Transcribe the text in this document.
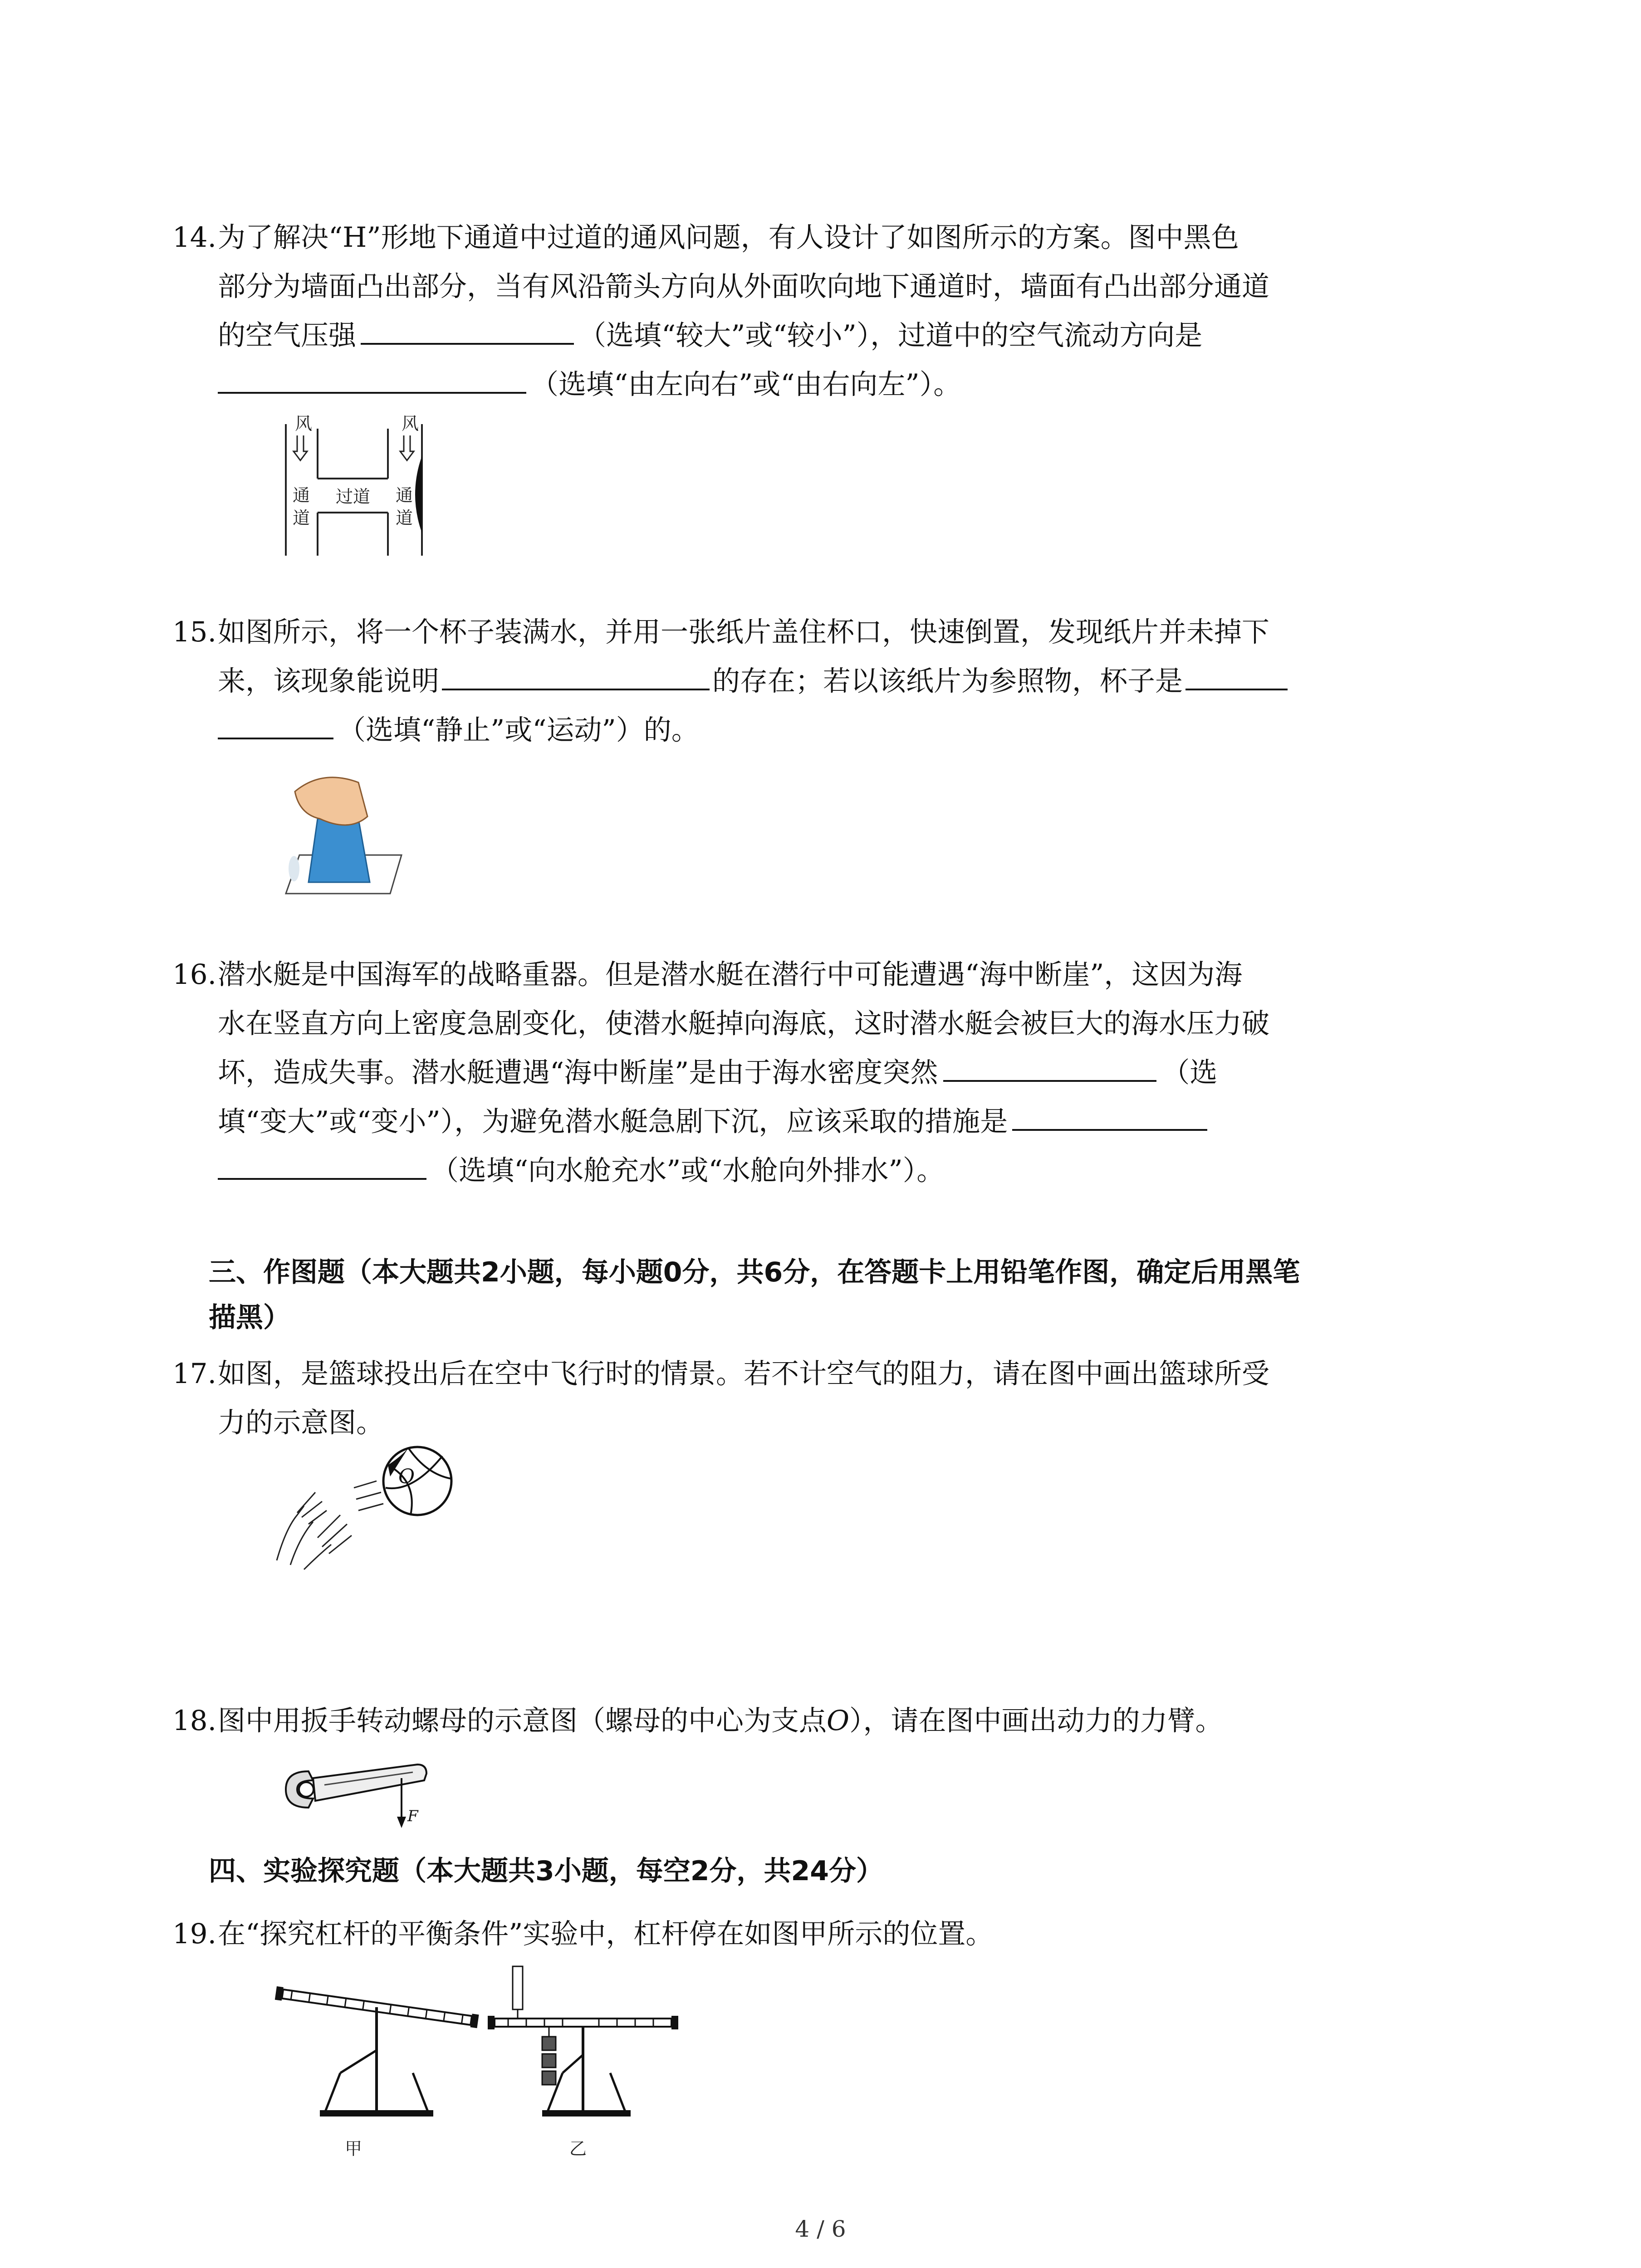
14. 为了解决“H”形地下通道中过道的通风问题，有人设计了如图所示的方案。图中黑色
部分为墙面凸出部分，当有风沿箭头方向从外面吹向地下通道时，墙面有凸出部分通道
的空气压强	（选填“较大”或“较小”），过道中的空气流动方向是
（选填“由左向右”或“由右向左”）。
风	风
通
道
过道 通
道
15. 如图所示，将一个杯子装满水，并用一张纸片盖住杯口，快速倒置，发现纸片并未掉下
来，该现象能说明	的存在；若以该纸片为参照物，杯子是
（选填“静止”或“运动”）的。
16. 潜水艇是中国海军的战略重器。但是潜水艇在潜行中可能遭遇“海中断崖”，这因为海
水在竖直方向上密度急剧变化，使潜水艇掉向海底，这时潜水艇会被巨大的海水压力破
坏，造成失事。潜水艇遭遇“海中断崖”是由于海水密度突然	（选
填“变大”或“变小”），为避免潜水艇急剧下沉，应该采取的措施是
（选填“向水舱充水”或“水舱向外排水”）。
三、作图题（本大题共2小题，每小题0分，共6分，在答题卡上用铅笔作图，确定后用黑笔
描黑）
17. 如图，是篮球投出后在空中飞行时的情景。若不计空气的阻力，请在图中画出篮球所受
力的示意图。
O
18. 图中用扳手转动螺母的示意图（螺母的中心为支点O），请在图中画出动力的力臂。
F
四、实验探究题（本大题共3小题，每空2分，共24分）
19. 在“探究杠杆的平衡条件”实验中，杠杆停在如图甲所示的位置。
甲	乙
4 / 6
